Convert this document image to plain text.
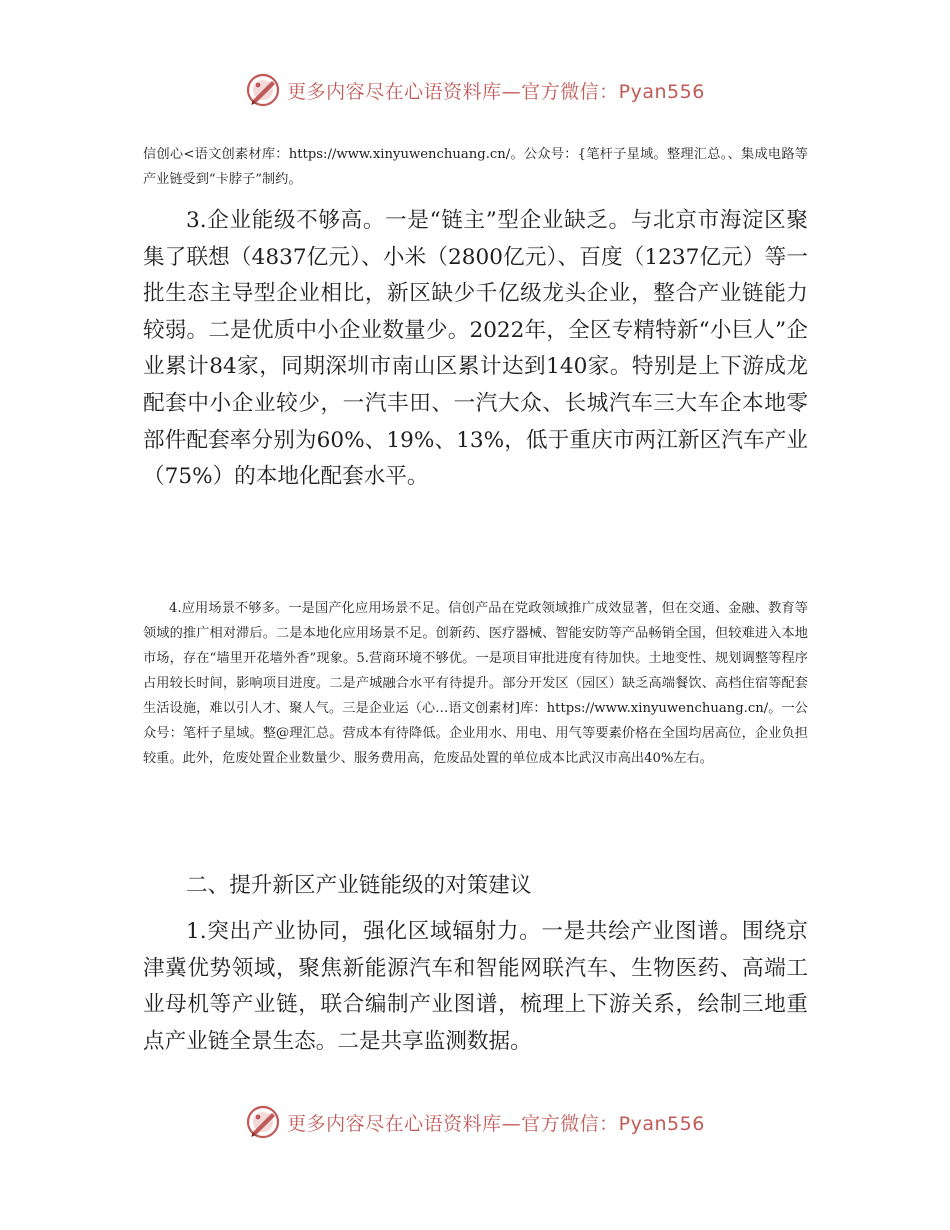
更多内容尽在心语资料库—官方微信：Pyan556

信创心<语文创素材库：https://www.xinyuwenchuang.cn/。公众号：{笔杆子星域。整理汇总。、集成电路等产业链受到“卡脖子”制约。

3.企业能级不够高。一是“链主”型企业缺乏。与北京市海淀区聚集了联想（4837亿元）、小米（2800亿元）、百度（1237亿元）等一批生态主导型企业相比，新区缺少千亿级龙头企业，整合产业链能力较弱。二是优质中小企业数量少。2022年，全区专精特新“小巨人”企业累计84家，同期深圳市南山区累计达到140家。特别是上下游成龙配套中小企业较少，一汽丰田、一汽大众、长城汽车三大车企本地零部件配套率分别为60%、19%、13%，低于重庆市两江新区汽车产业（75%）的本地化配套水平。

4.应用场景不够多。一是国产化应用场景不足。信创产品在党政领域推广成效显著，但在交通、金融、教育等领域的推广相对滞后。二是本地化应用场景不足。创新药、医疗器械、智能安防等产品畅销全国，但较难进入本地市场，存在“墙里开花墙外香”现象。5.营商环境不够优。一是项目审批进度有待加快。土地变性、规划调整等程序占用较长时间，影响项目进度。二是产城融合水平有待提升。部分开发区（园区）缺乏高端餐饮、高档住宿等配套生活设施，难以引人才、聚人气。三是企业运（心…语文创素材]库：https://www.xinyuwenchuang.cn/。一公众号：笔杆子星域。整@理汇总。营成本有待降低。企业用水、用电、用气等要素价格在全国均居高位，企业负担较重。此外，危废处置企业数量少、服务费用高，危废品处置的单位成本比武汉市高出40%左右。

二、提升新区产业链能级的对策建议

1.突出产业协同，强化区域辐射力。一是共绘产业图谱。围绕京津冀优势领域，聚焦新能源汽车和智能网联汽车、生物医药、高端工业母机等产业链，联合编制产业图谱，梳理上下游关系，绘制三地重点产业链全景生态。二是共享监测数据。

更多内容尽在心语资料库—官方微信：Pyan556
